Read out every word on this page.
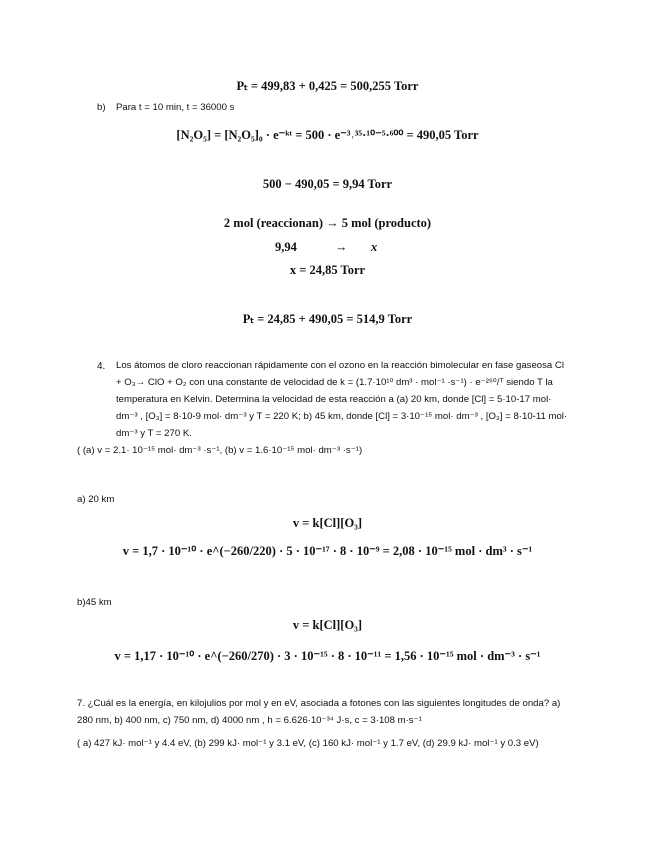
Pₜ = 499,83 + 0,425 = 500,255 Torr
b) Para t = 10 min, t = 36000 s
[N₂O₅] = [N₂O₅]₀ · e⁻ᵏᵗ = 500 · e⁻³˒³⁵·¹⁰⁻⁵·⁶⁰⁰ = 490,05 Torr
500 − 490,05 = 9,94 Torr
2 mol (reaccionan) → 5 mol (producto)
9,94	→ x
x = 24,85 Torr
Pₜ = 24,85 + 490,05 = 514,9 Torr
4. Los átomos de cloro reaccionan rápidamente con el ozono en la reacción bimolecular en fase gaseosa Cl + O₃→ ClO + O₂ con una constante de velocidad de k = (1.7·10¹⁰ dm³ · mol⁻¹ ·s⁻¹) · e⁻²⁶⁰/ᵀ siendo T la temperatura en Kelvin. Determina la velocidad de esta reacción a (a) 20 km, donde [Cl] = 5·10-17 mol· dm⁻³ , [O₃] = 8·10-9 mol· dm⁻³ y T = 220 K; b) 45 km, donde [Cl] = 3·10⁻¹⁵ mol· dm⁻³ , [O₃] = 8·10-11 mol· dm⁻³ y T = 270 K.
( (a) v = 2.1· 10⁻¹⁵ mol· dm⁻³ ·s⁻¹, (b) v = 1.6·10⁻¹⁵ mol· dm⁻³ ·s⁻¹)
a) 20 km
v = k[Cl][O₃]
v = 1,7 · 10⁻¹⁰ · e^(−260/220) · 5 · 10⁻¹⁷ · 8 · 10⁻⁹ = 2,08 · 10⁻¹⁵ mol · dm³ · s⁻¹
b)45 km
v = k[Cl][O₃]
v = 1,17 · 10⁻¹⁰ · e^(−260/270) · 3 · 10⁻¹⁵ · 8 · 10⁻¹¹ = 1,56 · 10⁻¹⁵ mol · dm⁻³ · s⁻¹
7. ¿Cuál es la energía, en kilojulios por mol y en eV, asociada a fotones con las siguientes longitudes de onda? a) 280 nm, b) 400 nm, c) 750 nm, d) 4000 nm , h = 6.626·10⁻³⁴ J·s, c = 3·108 m·s⁻¹
( a) 427 kJ· mol⁻¹ y 4.4 eV, (b) 299 kJ· mol⁻¹ y 3.1 eV, (c) 160 kJ· mol⁻¹ y 1.7 eV, (d) 29.9 kJ· mol⁻¹ y 0.3 eV)
